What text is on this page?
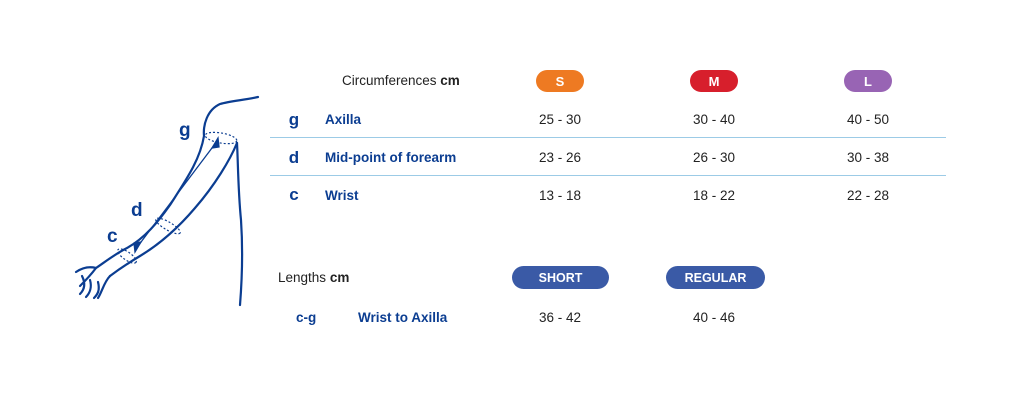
g
d
c
Circumferences cm	S	M	L
g	Axilla	25 - 30	30 - 40	40 - 50
d	Mid-point of forearm	23 - 26	26 - 30	30 - 38
c	Wrist	13 - 18	18 - 22	22 - 28
Lengths cm	SHORT	REGULAR
c-g	Wrist to Axilla	36 - 42	40 - 46
